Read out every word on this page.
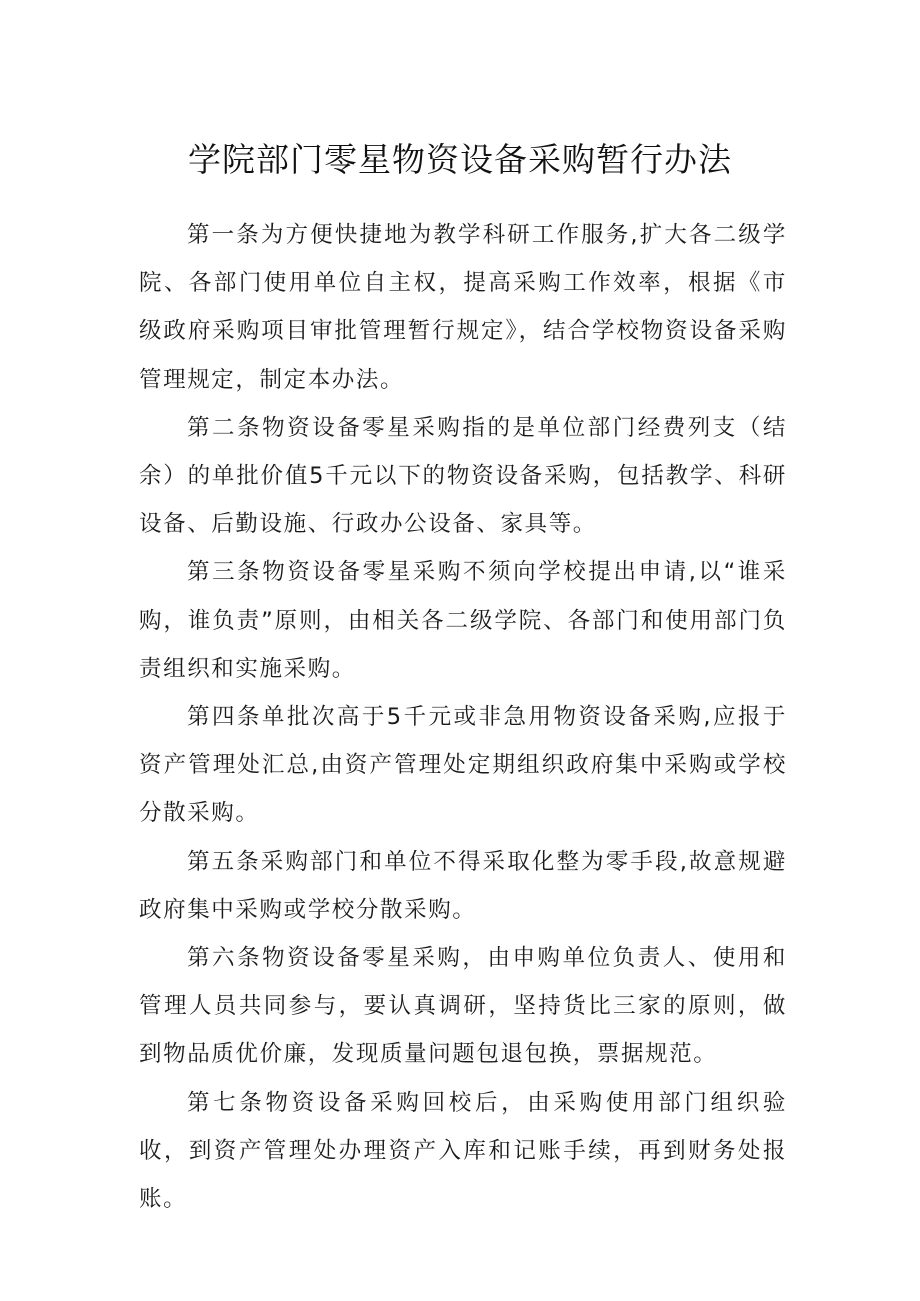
学院部门零星物资设备采购暂行办法

第一条为方便快捷地为教学科研工作服务,扩大各二级学院、各部门使用单位自主权，提高采购工作效率，根据《市级政府采购项目审批管理暂行规定》，结合学校物资设备采购管理规定，制定本办法。

第二条物资设备零星采购指的是单位部门经费列支（结余）的单批价值5千元以下的物资设备采购，包括教学、科研设备、后勤设施、行政办公设备、家具等。

第三条物资设备零星采购不须向学校提出申请,以“谁采购，谁负责”原则，由相关各二级学院、各部门和使用部门负责组织和实施采购。

第四条单批次高于5千元或非急用物资设备采购,应报于资产管理处汇总,由资产管理处定期组织政府集中采购或学校分散采购。

第五条采购部门和单位不得采取化整为零手段,故意规避政府集中采购或学校分散采购。

第六条物资设备零星采购，由申购单位负责人、使用和管理人员共同参与，要认真调研，坚持货比三家的原则，做到物品质优价廉，发现质量问题包退包换，票据规范。

第七条物资设备采购回校后，由采购使用部门组织验收，到资产管理处办理资产入库和记账手续，再到财务处报账。
